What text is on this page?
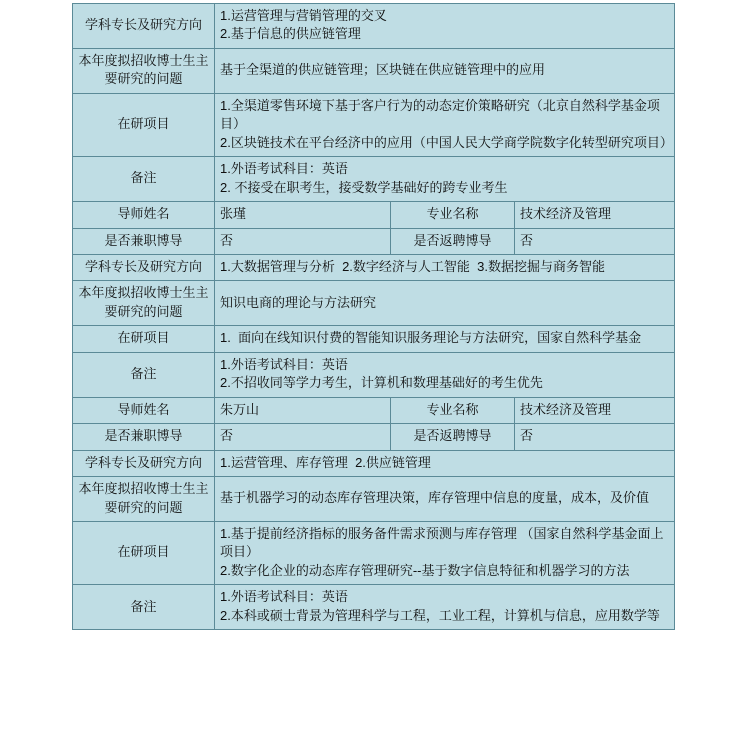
学科专长及研究方向	1.运营管理与营销管理的交叉
2.基于信息的供应链管理		

本年度拟招收博士生主要研究的问题	基于全渠道的供应链管理；区块链在供应链管理中的应用		

在研项目	1.全渠道零售环境下基于客户行为的动态定价策略研究（北京自然科学基金项目）
2.区块链技术在平台经济中的应用（中国人民大学商学院数字化转型研究项目）		

备注	1.外语考试科目：英语
2. 不接受在职考生，接受数学基础好的跨专业考生		

导师姓名	张瑾	专业名称	技术经济及管理

是否兼职博导	否	是否返聘博导	否

学科专长及研究方向	1.大数据管理与分析  2.数字经济与人工智能  3.数据挖掘与商务智能		

本年度拟招收博士生主要研究的问题	知识电商的理论与方法研究		

在研项目	1.  面向在线知识付费的智能知识服务理论与方法研究，国家自然科学基金		

备注	1.外语考试科目：英语
2.不招收同等学力考生，计算机和数理基础好的考生优先		

导师姓名	朱万山	专业名称	技术经济及管理

是否兼职博导	否	是否返聘博导	否

学科专长及研究方向	1.运营管理、库存管理  2.供应链管理		

本年度拟招收博士生主要研究的问题	基于机器学习的动态库存管理决策，库存管理中信息的度量，成本，及价值		

在研项目	1.基于提前经济指标的服务备件需求预测与库存管理 （国家自然科学基金面上项目）
2.数字化企业的动态库存管理研究--基于数字信息特征和机器学习的方法		

备注	1.外语考试科目：英语
2.本科或硕士背景为管理科学与工程，工业工程，计算机与信息，应用数学等		
